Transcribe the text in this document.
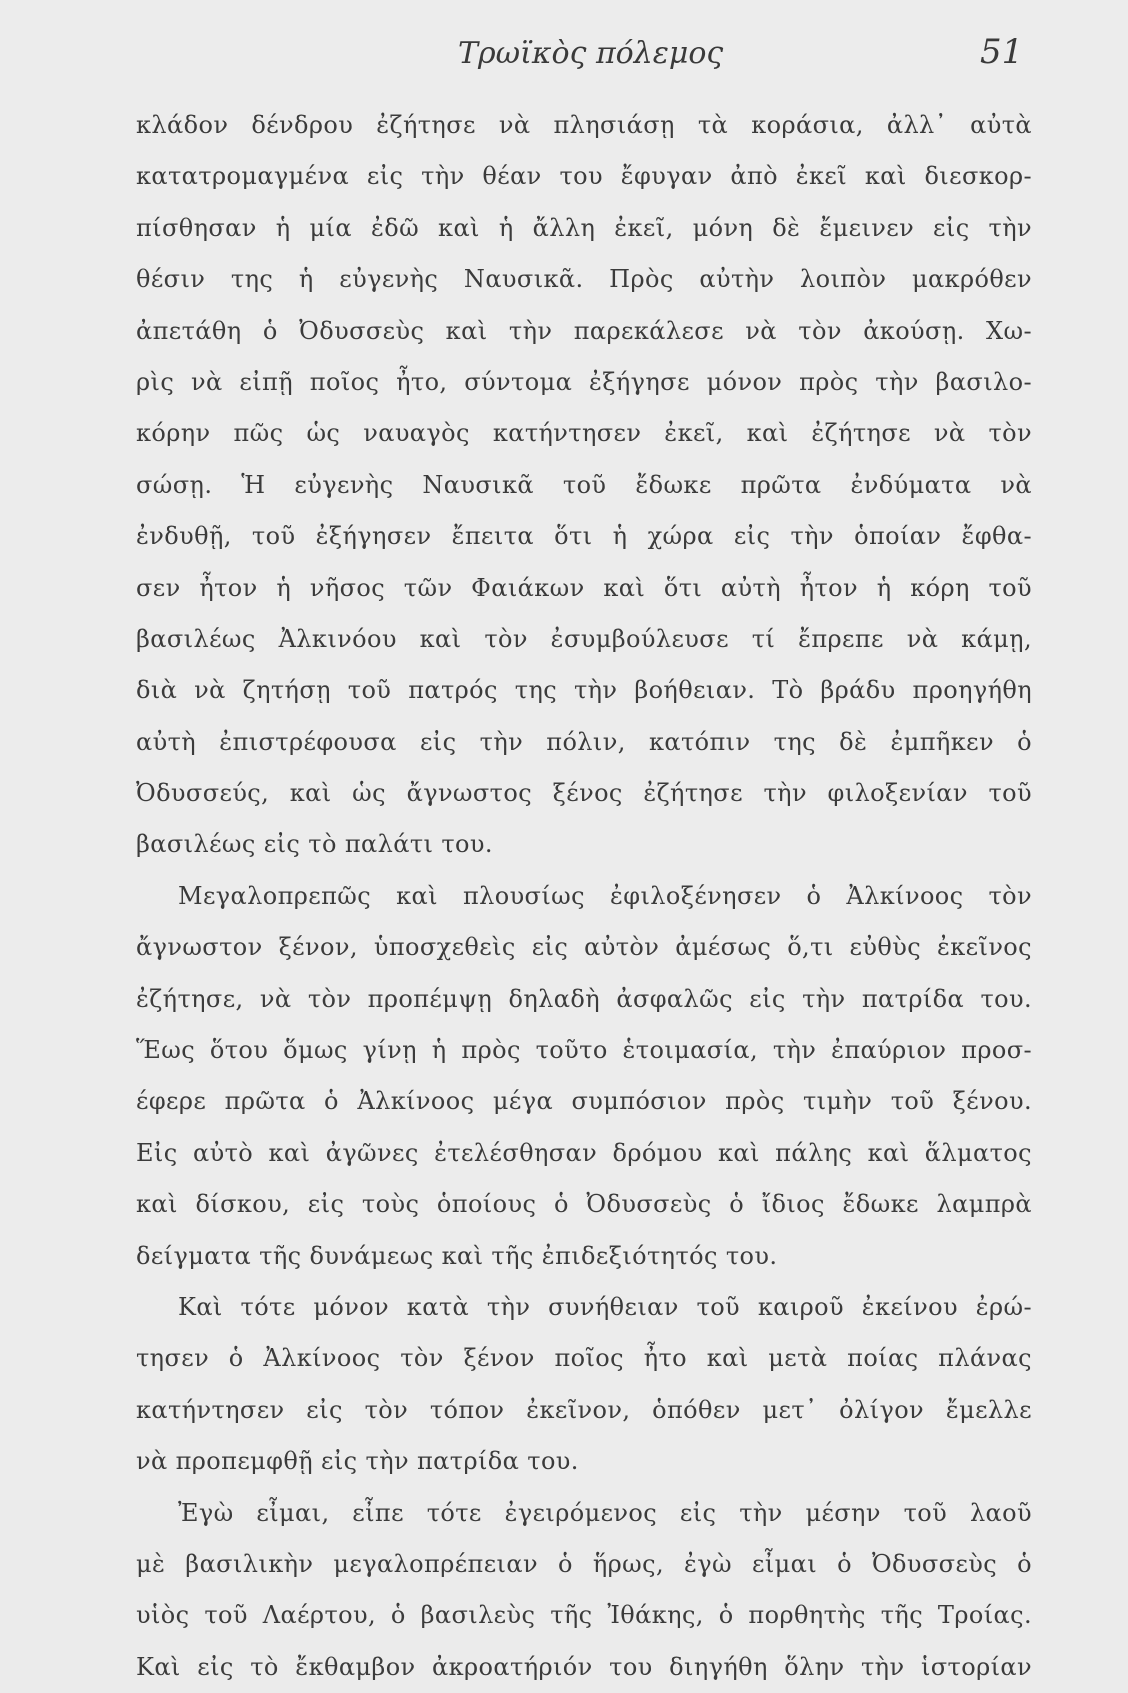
Τρωϊκὸς πόλεμος	51
κλάδον δένδρου ἐζήτησε νὰ πλησιάσῃ τὰ κοράσια, ἀλλ᾽ αὐτὰ
κατατρομαγμένα εἰς τὴν θέαν του ἔφυγαν ἀπὸ ἐκεῖ καὶ διεσκορ-
πίσθησαν ἡ μία ἐδῶ καὶ ἡ ἄλλη ἐκεῖ, μόνη δὲ ἔμεινεν εἰς τὴν
θέσιν της ἡ εὐγενὴς Ναυσικᾶ. Πρὸς αὐτὴν λοιπὸν μακρόθεν
ἀπετάθη ὁ Ὀδυσσεὺς καὶ τὴν παρεκάλεσε νὰ τὸν ἀκούσῃ. Χω-
ρὶς νὰ εἰπῇ ποῖος ἦτο, σύντομα ἐξήγησε μόνον πρὸς τὴν βασιλο-
κόρην πῶς ὡς ναυαγὸς κατήντησεν ἐκεῖ, καὶ ἐζήτησε νὰ τὸν
σώσῃ. Ἡ εὐγενὴς Ναυσικᾶ τοῦ ἔδωκε πρῶτα ἐνδύματα νὰ
ἐνδυθῇ, τοῦ ἐξήγησεν ἔπειτα ὅτι ἡ χώρα εἰς τὴν ὁποίαν ἔφθα-
σεν ἦτον ἡ νῆσος τῶν Φαιάκων καὶ ὅτι αὐτὴ ἦτον ἡ κόρη τοῦ
βασιλέως Ἀλκινόου καὶ τὸν ἐσυμβούλευσε τί ἔπρεπε νὰ κάμῃ,
διὰ νὰ ζητήσῃ τοῦ πατρός της τὴν βοήθειαν. Τὸ βράδυ προηγήθη
αὐτὴ ἐπιστρέφουσα εἰς τὴν πόλιν, κατόπιν της δὲ ἐμπῆκεν ὁ
Ὀδυσσεύς, καὶ ὡς ἄγνωστος ξένος ἐζήτησε τὴν φιλοξενίαν τοῦ
βασιλέως εἰς τὸ παλάτι του.
Μεγαλοπρεπῶς καὶ πλουσίως ἐφιλοξένησεν ὁ Ἀλκίνοος τὸν
ἄγνωστον ξένον, ὑποσχεθεὶς εἰς αὐτὸν ἀμέσως ὅ,τι εὐθὺς ἐκεῖνος
ἐζήτησε, νὰ τὸν προπέμψῃ δηλαδὴ ἀσφαλῶς εἰς τὴν πατρίδα του.
Ἕως ὅτου ὅμως γίνῃ ἡ πρὸς τοῦτο ἑτοιμασία, τὴν ἐπαύριον προσ-
έφερε πρῶτα ὁ Ἀλκίνοος μέγα συμπόσιον πρὸς τιμὴν τοῦ ξένου.
Εἰς αὐτὸ καὶ ἀγῶνες ἐτελέσθησαν δρόμου καὶ πάλης καὶ ἅλματος
καὶ δίσκου, εἰς τοὺς ὁποίους ὁ Ὀδυσσεὺς ὁ ἴδιος ἔδωκε λαμπρὰ
δείγματα τῆς δυνάμεως καὶ τῆς ἐπιδεξιότητός του.
Καὶ τότε μόνον κατὰ τὴν συνήθειαν τοῦ καιροῦ ἐκείνου ἐρώ-
τησεν ὁ Ἀλκίνοος τὸν ξένον ποῖος ἦτο καὶ μετὰ ποίας πλάνας
κατήντησεν εἰς τὸν τόπον ἐκεῖνον, ὁπόθεν μετ᾽ ὀλίγον ἔμελλε
νὰ προπεμφθῇ εἰς τὴν πατρίδα του.
Ἐγὼ εἶμαι, εἶπε τότε ἐγειρόμενος εἰς τὴν μέσην τοῦ λαοῦ
μὲ βασιλικὴν μεγαλοπρέπειαν ὁ ἥρως, ἐγὼ εἶμαι ὁ Ὀδυσσεὺς ὁ
υἱὸς τοῦ Λαέρτου, ὁ βασιλεὺς τῆς Ἰθάκης, ὁ πορθητὴς τῆς Τροίας.
Καὶ εἰς τὸ ἔκθαμβον ἀκροατήριόν του διηγήθη ὅλην τὴν ἱστορίαν
